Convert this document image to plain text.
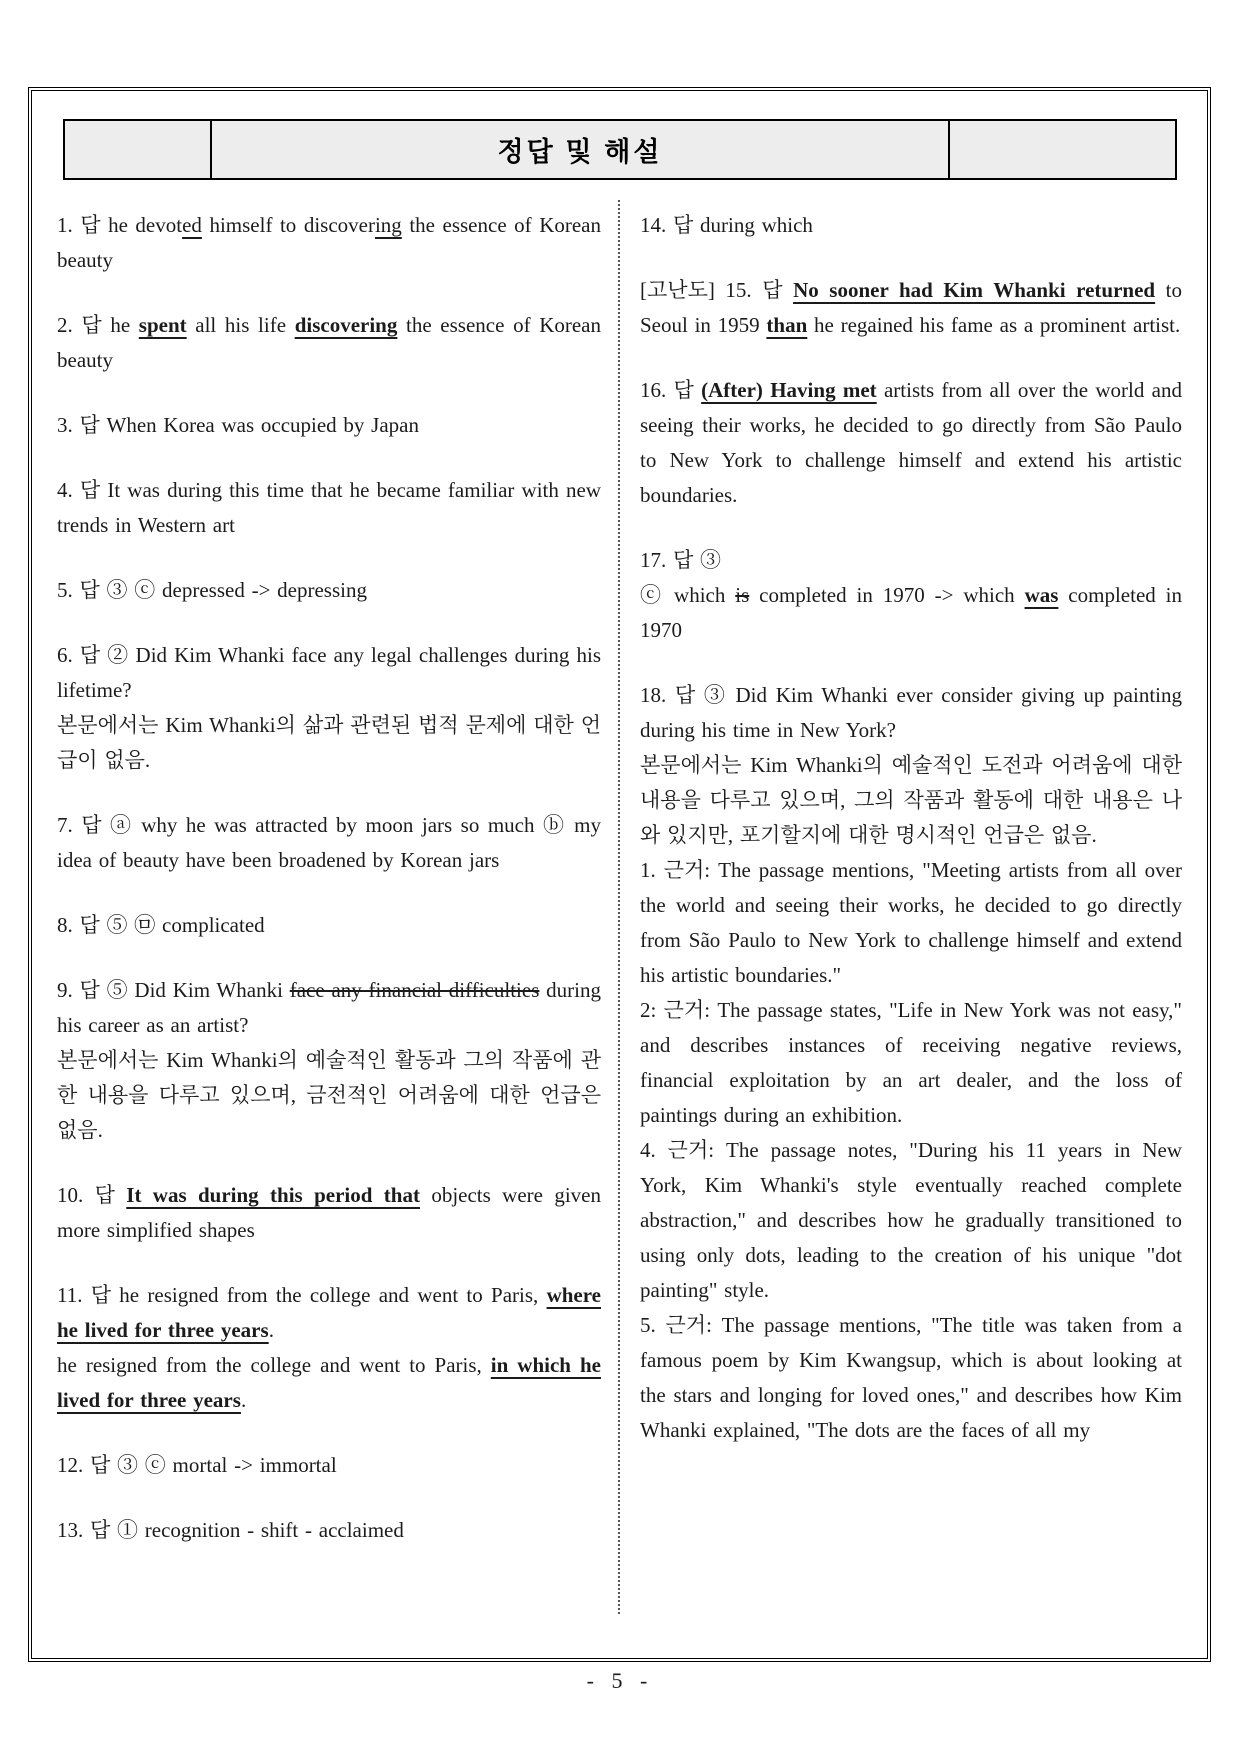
정답 및 해설

1. 답 he devoted himself to discovering the essence of Korean beauty

2. 답 he spent all his life discovering the essence of Korean beauty

3. 답 When Korea was occupied by Japan

4. 답 It was during this time that he became familiar with new trends in Western art

5. 답 ③ ⓒ depressed -> depressing

6. 답 ② Did Kim Whanki face any legal challenges during his lifetime?

본문에서는 Kim Whanki의 삶과 관련된 법적 문제에 대한 언급이 없음.

7. 답 ⓐ why he was attracted by moon jars so much ⓑ my idea of beauty have been broadened by Korean jars

8. 답 ⑤ ㉤ complicated

9. 답 ⑤ Did Kim Whanki face any financial difficulties during his career as an artist?

본문에서는 Kim Whanki의 예술적인 활동과 그의 작품에 관한 내용을 다루고 있으며, 금전적인 어려움에 대한 언급은 없음.

10. 답 It was during this period that objects were given more simplified shapes

11. 답 he resigned from the college and went to Paris, where he lived for three years.

he resigned from the college and went to Paris, in which he lived for three years.

12. 답 ③ ⓒ mortal -> immortal

13. 답 ① recognition - shift - acclaimed

14. 답 during which

[고난도] 15. 답 No sooner had Kim Whanki returned to Seoul in 1959 than he regained his fame as a prominent artist.

16. 답 (After) Having met artists from all over the world and seeing their works, he decided to go directly from São Paulo to New York to challenge himself and extend his artistic boundaries.

17. 답 ③

ⓒ which is completed in 1970 -> which was completed in 1970

18. 답 ③ Did Kim Whanki ever consider giving up painting during his time in New York?

본문에서는 Kim Whanki의 예술적인 도전과 어려움에 대한 내용을 다루고 있으며, 그의 작품과 활동에 대한 내용은 나와 있지만, 포기할지에 대한 명시적인 언급은 없음.

1. 근거: The passage mentions, "Meeting artists from all over the world and seeing their works, he decided to go directly from São Paulo to New York to challenge himself and extend his artistic boundaries."

2: 근거: The passage states, "Life in New York was not easy," and describes instances of receiving negative reviews, financial exploitation by an art dealer, and the loss of paintings during an exhibition.

4. 근거: The passage notes, "During his 11 years in New York, Kim Whanki's style eventually reached complete abstraction," and describes how he gradually transitioned to using only dots, leading to the creation of his unique "dot painting" style.

5. 근거: The passage mentions, "The title was taken from a famous poem by Kim Kwangsup, which is about looking at the stars and longing for loved ones," and describes how Kim Whanki explained, "The dots are the faces of all my

- 5 -
